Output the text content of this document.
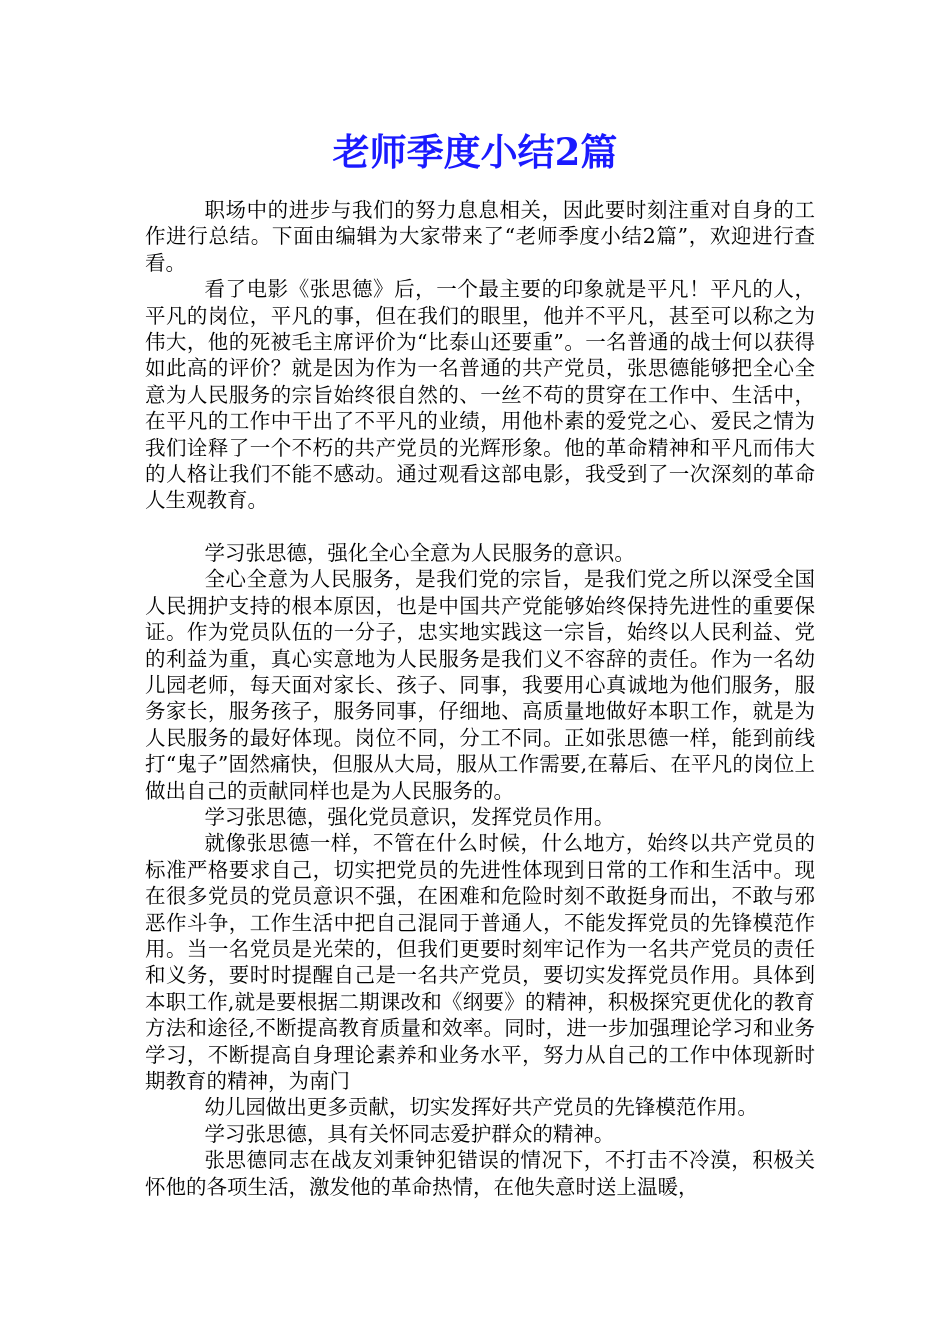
老师季度小结2篇

职场中的进步与我们的努力息息相关，因此要时刻注重对自身的工作进行总结。下面由编辑为大家带来了“老师季度小结2篇”，欢迎进行查看。

看了电影《张思德》后，一个最主要的印象就是平凡！平凡的人，平凡的岗位，平凡的事，但在我们的眼里，他并不平凡，甚至可以称之为伟大，他的死被毛主席评价为“比泰山还要重”。一名普通的战士何以获得如此高的评价？就是因为作为一名普通的共产党员，张思德能够把全心全意为人民服务的宗旨始终很自然的、一丝不苟的贯穿在工作中、生活中，在平凡的工作中干出了不平凡的业绩，用他朴素的爱党之心、爱民之情为我们诠释了一个不朽的共产党员的光辉形象。他的革命精神和平凡而伟大的人格让我们不能不感动。通过观看这部电影，我受到了一次深刻的革命人生观教育。

学习张思德，强化全心全意为人民服务的意识。

全心全意为人民服务，是我们党的宗旨，是我们党之所以深受全国人民拥护支持的根本原因，也是中国共产党能够始终保持先进性的重要保证。作为党员队伍的一分子，忠实地实践这一宗旨，始终以人民利益、党的利益为重，真心实意地为人民服务是我们义不容辞的责任。作为一名幼儿园老师，每天面对家长、孩子、同事，我要用心真诚地为他们服务，服务家长，服务孩子，服务同事，仔细地、高质量地做好本职工作，就是为人民服务的最好体现。岗位不同，分工不同。正如张思德一样，能到前线打“鬼子”固然痛快，但服从大局，服从工作需要,在幕后、在平凡的岗位上做出自己的贡献同样也是为人民服务的。

学习张思德，强化党员意识，发挥党员作用。

就像张思德一样，不管在什么时候，什么地方，始终以共产党员的标准严格要求自己，切实把党员的先进性体现到日常的工作和生活中。现在很多党员的党员意识不强，在困难和危险时刻不敢挺身而出，不敢与邪恶作斗争，工作生活中把自己混同于普通人，不能发挥党员的先锋模范作用。当一名党员是光荣的，但我们更要时刻牢记作为一名共产党员的责任和义务，要时时提醒自己是一名共产党员，要切实发挥党员作用。具体到本职工作,就是要根据二期课改和《纲要》的精神，积极探究更优化的教育方法和途径,不断提高教育质量和效率。同时，进一步加强理论学习和业务学习，不断提高自身理论素养和业务水平，努力从自己的工作中体现新时期教育的精神，为南门

幼儿园做出更多贡献，切实发挥好共产党员的先锋模范作用。

学习张思德，具有关怀同志爱护群众的精神。

张思德同志在战友刘秉钟犯错误的情况下，不打击不冷漠，积极关怀他的各项生活，激发他的革命热情，在他失意时送上温暖，
